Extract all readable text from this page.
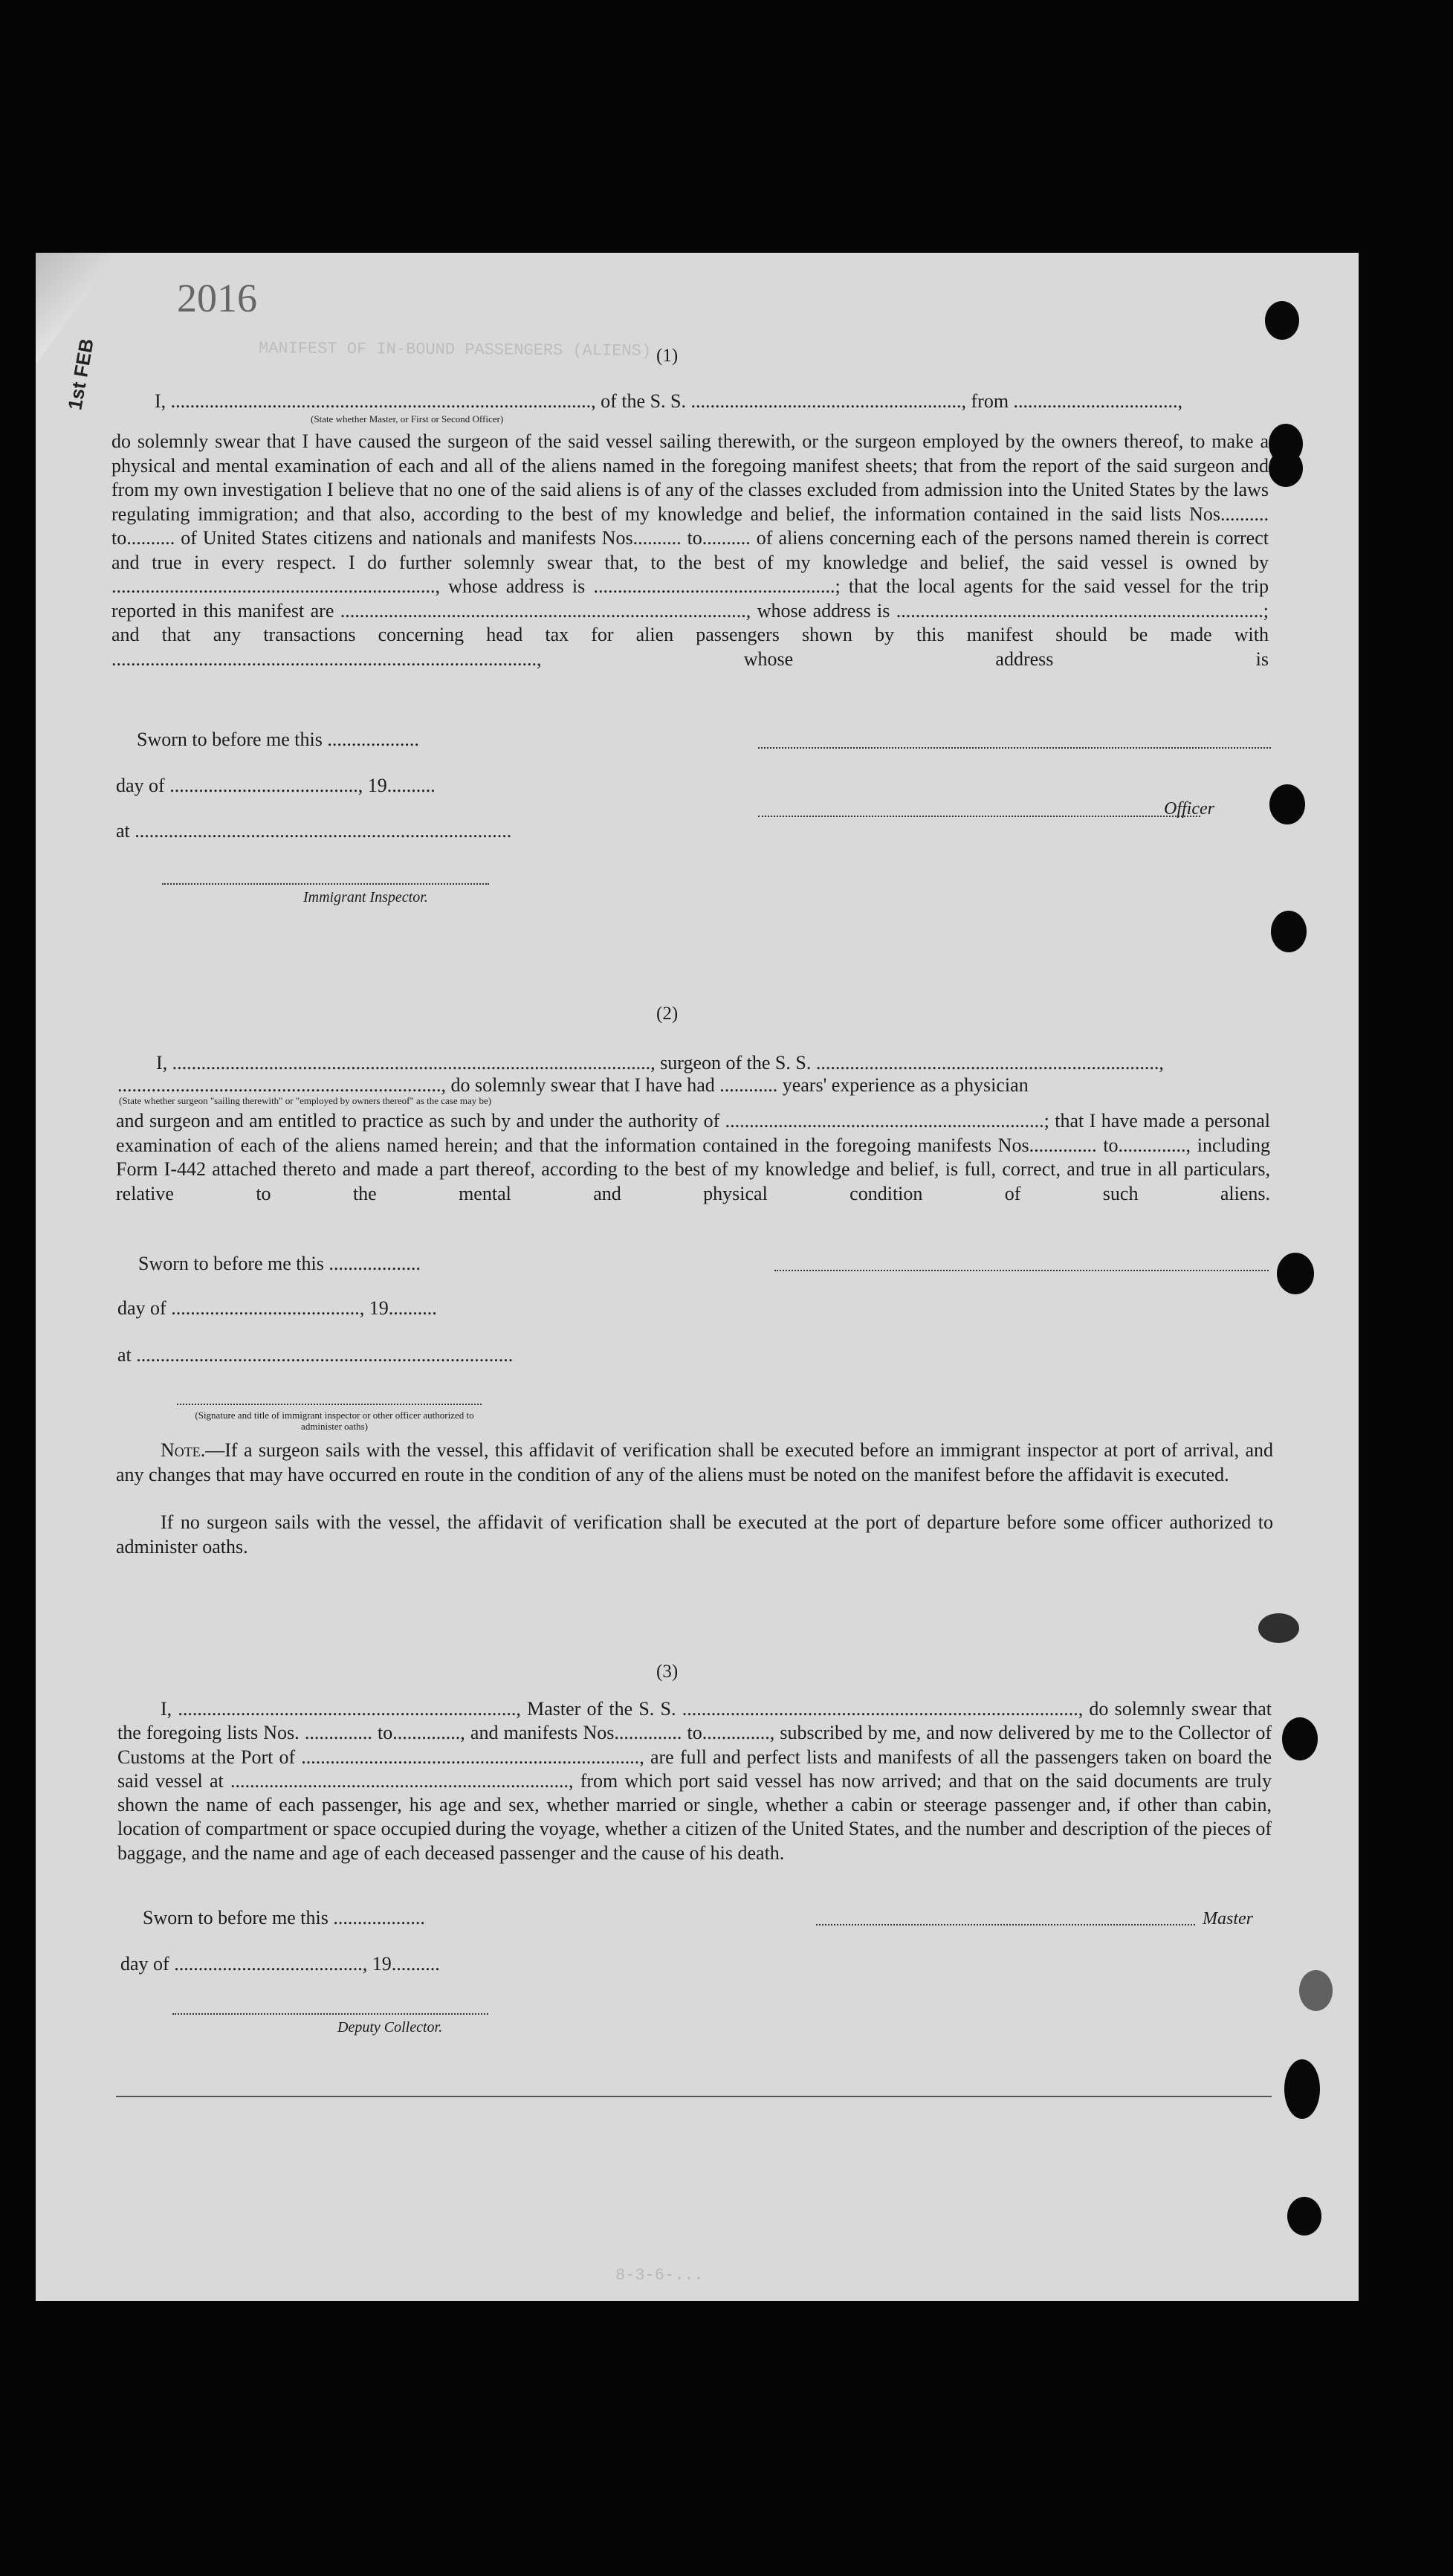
MANIFEST OF IN-BOUND PASSENGERS (ALIENS)
1st FEB
2016
(1)
I, ......................................................................................., of the S. S. ........................................................, from ..................................,
(State whether Master, or First or Second Officer)
do solemnly swear that I have caused the surgeon of the said vessel sailing therewith, or the surgeon employed by the owners thereof, to make a physical and mental examination of each and all of the aliens named in the foregoing manifest sheets; that from the report of the said surgeon and from my own investigation I believe that no one of the said aliens is of any of the classes excluded from admission into the United States by the laws regulating immigration; and that also, according to the best of my knowledge and belief, the information contained in the said lists Nos.......... to.......... of United States citizens and nationals and manifests Nos.......... to.......... of aliens concerning each of the persons named therein is correct and true in every respect. I do further solemnly swear that, to the best of my knowledge and belief, the said vessel is owned by ..................................................................., whose address is ..................................................; that the local agents for the said vessel for the trip reported in this manifest are ...................................................................................., whose address is ............................................................................; and that any transactions concerning head tax for alien passengers shown by this manifest should be made with ........................................................................................, whose address is
Sworn to before me this ...................
day of ......................................., 19..........
Officer
at ..............................................................................
Immigrant Inspector.
(2)
I, ..................................................................................................., surgeon of the S. S. .......................................................................,
..................................................................., do solemnly swear that I have had ............ years' experience as a physician
(State whether surgeon "sailing therewith" or "employed by owners thereof" as the case may be)
and surgeon and am entitled to practice as such by and under the authority of ..................................................................; that I have made a personal examination of each of the aliens named herein; and that the information contained in the foregoing manifests Nos.............. to.............., including Form I-442 attached thereto and made a part thereof, according to the best of my knowledge and belief, is full, correct, and true in all particulars, relative to the mental and physical condition of such aliens.
Sworn to before me this ...................
day of ......................................., 19..........
at ..............................................................................
(Signature and title of immigrant inspector or other officer authorized to administer oaths)
Note.—If a surgeon sails with the vessel, this affidavit of verification shall be executed before an immigrant inspector at port of arrival, and any changes that may have occurred en route in the condition of any of the aliens must be noted on the manifest before the affidavit is executed.
If no surgeon sails with the vessel, the affidavit of verification shall be executed at the port of departure before some officer authorized to administer oaths.
(3)
I, ......................................................................, Master of the S. S. .................................................................................., do solemnly swear that the foregoing lists Nos. .............. to.............., and manifests Nos.............. to.............., subscribed by me, and now delivered by me to the Collector of Customs at the Port of ......................................................................, are full and perfect lists and manifests of all the passengers taken on board the said vessel at ......................................................................, from which port said vessel has now arrived; and that on the said documents are truly shown the name of each passenger, his age and sex, whether married or single, whether a cabin or steerage passenger and, if other than cabin, location of compartment or space occupied during the voyage, whether a citizen of the United States, and the number and description of the pieces of baggage, and the name and age of each deceased passenger and the cause of his death.
Sworn to before me this ...................	Master
day of ......................................., 19..........
Deputy Collector.
8-3-6-...
